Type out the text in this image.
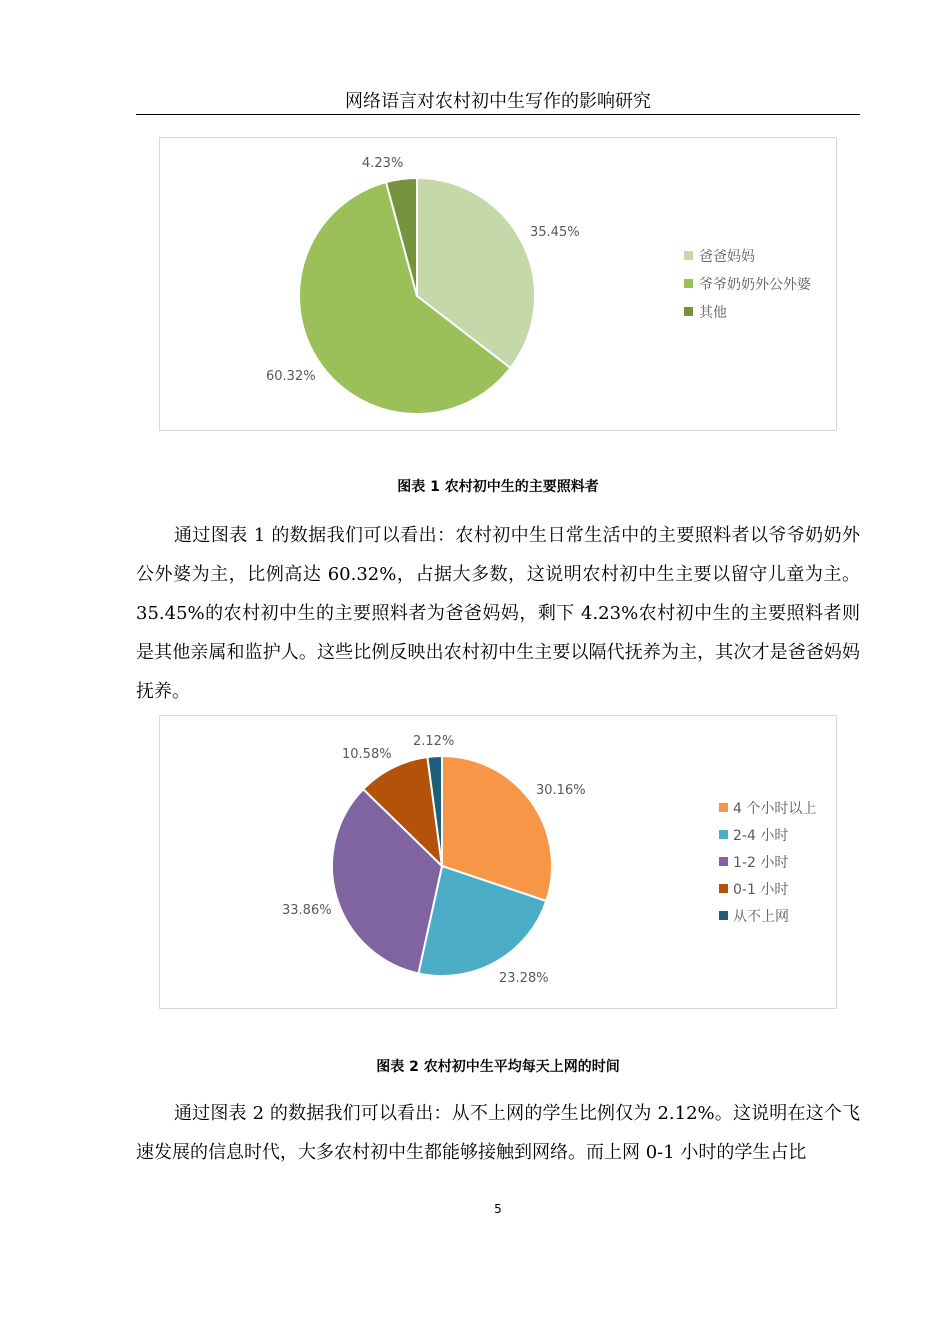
网络语言对农村初中生写作的影响研究
35.45%
60.32%
4.23%
爸爸妈妈
爷爷奶奶外公外婆
其他
图表 1 农村初中生的主要照料者

通过图表 1 的数据我们可以看出：农村初中生日常生活中的主要照料者以爷爷奶奶外公外婆为主，比例高达 60.32%，占据大多数，这说明农村初中生主要以留守儿童为主。35.45%的农村初中生的主要照料者为爸爸妈妈，剩下 4.23%农村初中生的主要照料者则是其他亲属和监护人。这些比例反映出农村初中生主要以隔代抚养为主，其次才是爸爸妈妈抚养。

30.16%
23.28%
33.86%
10.58%
2.12%
4 个小时以上
2-4 小时
1-2 小时
0-1 小时
从不上网
图表 2 农村初中生平均每天上网的时间

通过图表 2 的数据我们可以看出：从不上网的学生比例仅为 2.12%。这说明在这个飞速发展的信息时代，大多农村初中生都能够接触到网络。而上网 0-1 小时的学生占比

5
